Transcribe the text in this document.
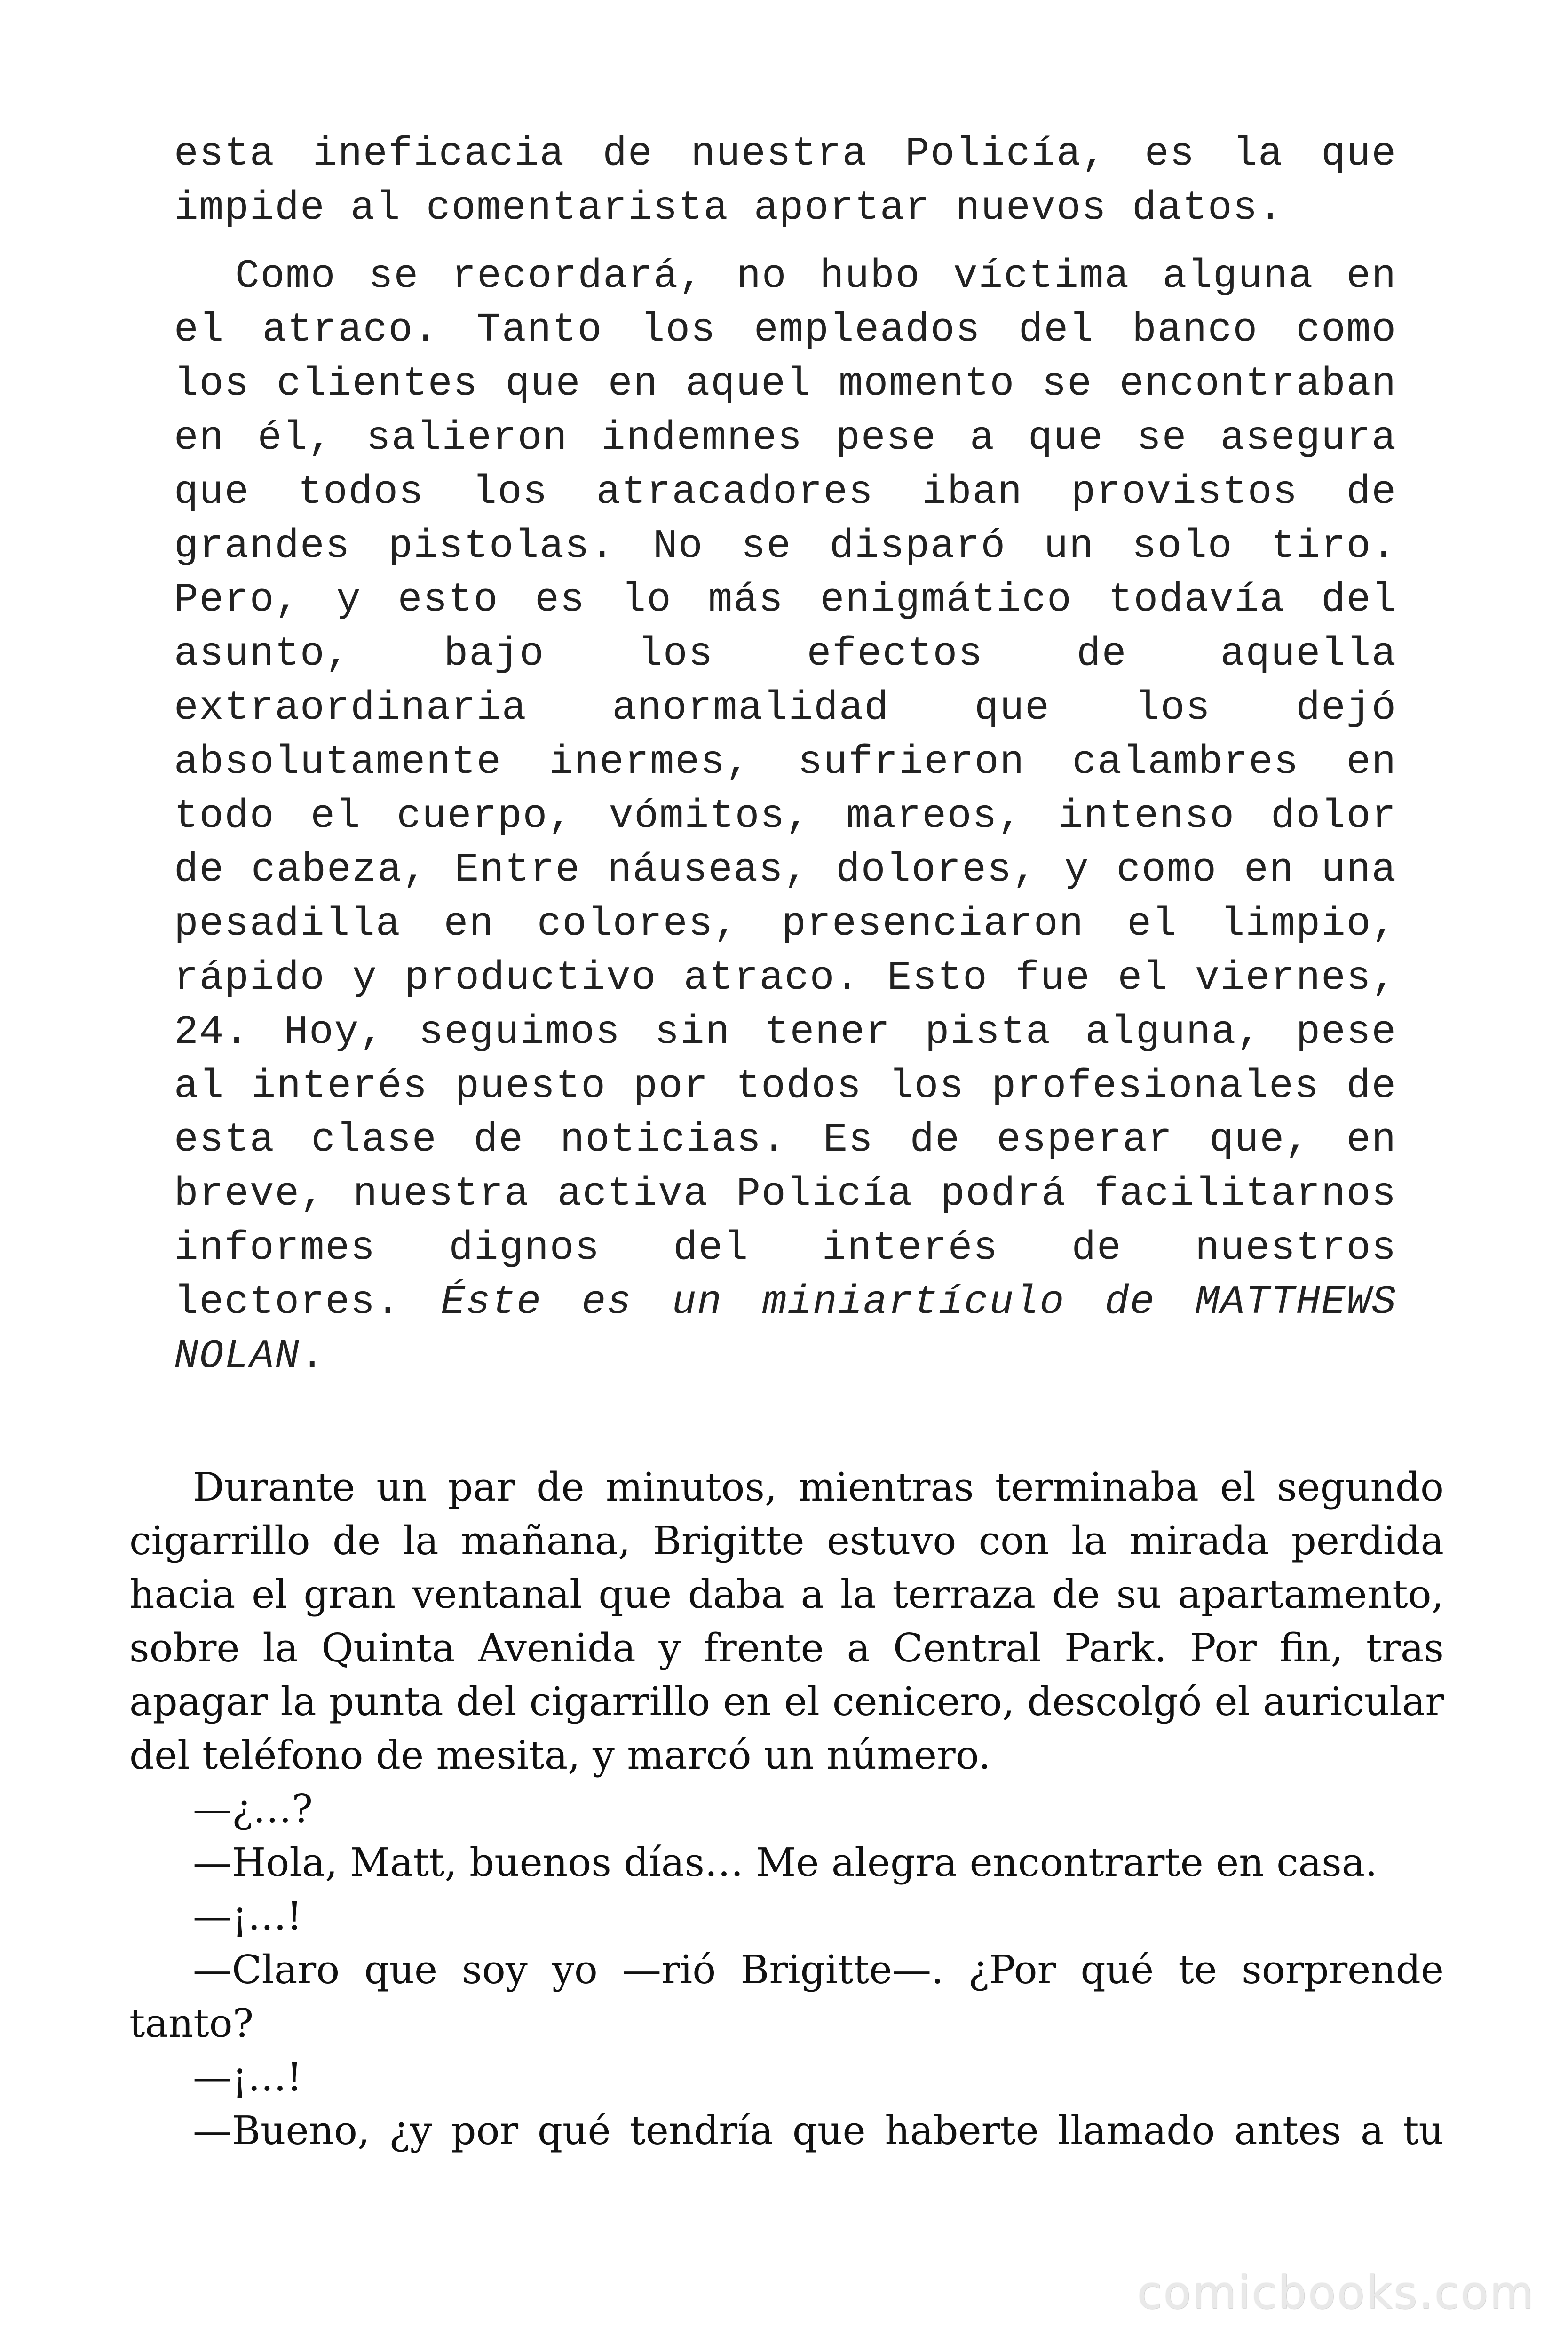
esta ineficacia de nuestra Policía, es la que impide al comentarista aportar nuevos datos.

Como se recordará, no hubo víctima alguna en el atraco. Tanto los empleados del banco como los clientes que en aquel momento se encontraban en él, salieron indemnes pese a que se asegura que todos los atracadores iban provistos de grandes pistolas. No se disparó un solo tiro. Pero, y esto es lo más enigmático todavía del asunto, bajo los efectos de aquella extraordinaria anormalidad que los dejó absolutamente inermes, sufrieron calambres en todo el cuerpo, vómitos, mareos, intenso dolor de cabeza, Entre náuseas, dolores, y como en una pesadilla en colores, presenciaron el limpio, rápido y productivo atraco. Esto fue el viernes, 24. Hoy, seguimos sin tener pista alguna, pese al interés puesto por todos los profesionales de esta clase de noticias. Es de esperar que, en breve, nuestra activa Policía podrá facilitarnos informes dignos del interés de nuestros lectores. Éste es un miniartículo de MATTHEWS NOLAN.

Durante un par de minutos, mientras terminaba el segundo cigarrillo de la mañana, Brigitte estuvo con la mirada perdida hacia el gran ventanal que daba a la terraza de su apartamento, sobre la Quinta Avenida y frente a Central Park. Por fin, tras apagar la punta del cigarrillo en el cenicero, descolgó el auricular del teléfono de mesita, y marcó un número.

—¿…?

—Hola, Matt, buenos días… Me alegra encontrarte en casa.

—¡…!

—Claro que soy yo —rió Brigitte—. ¿Por qué te sorprende tanto?

—¡…!

—Bueno, ¿y por qué tendría que haberte llamado antes a tu

comicbooks.com
